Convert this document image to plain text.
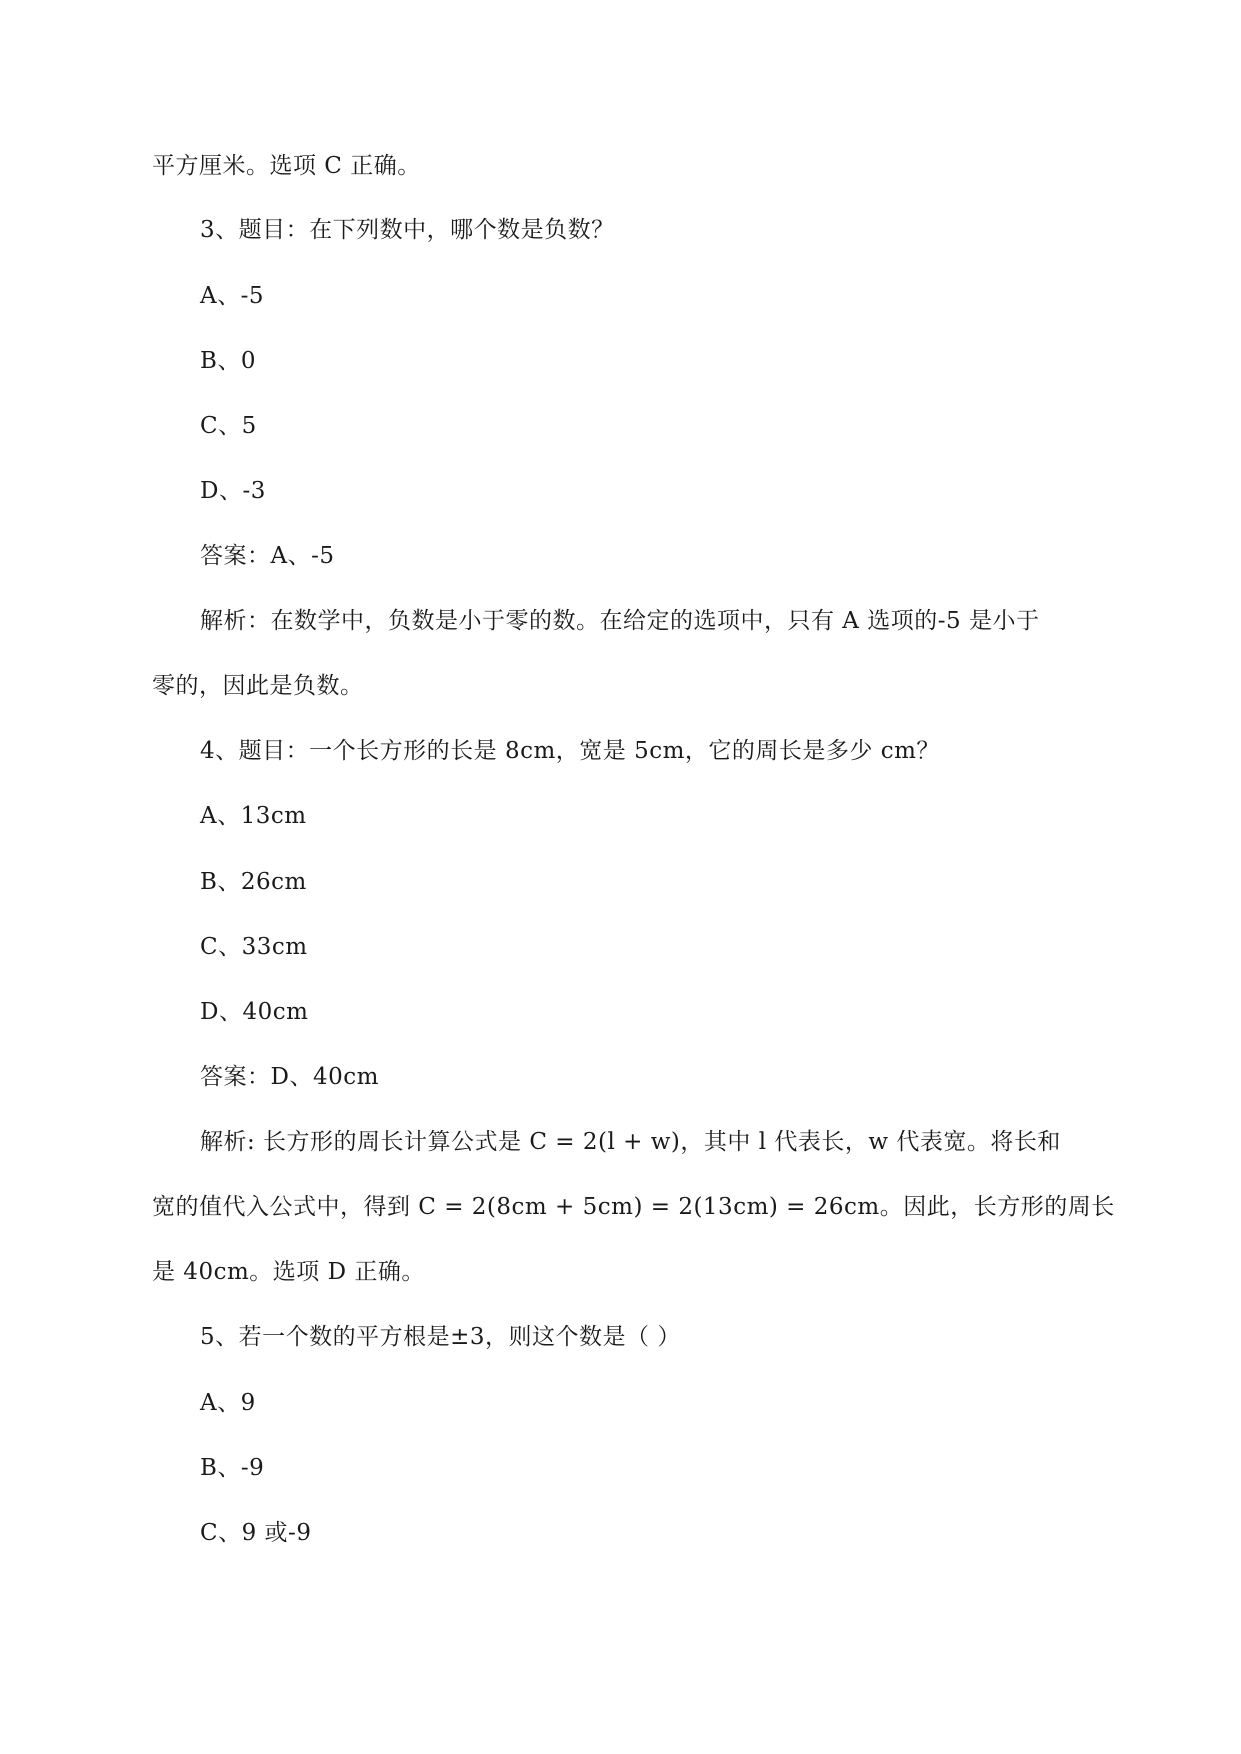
平方厘米。选项 C 正确。
3、题目：在下列数中，哪个数是负数？
A、-5
B、0
C、5
D、-3
答案：A、-5
解析：在数学中，负数是小于零的数。在给定的选项中，只有 A 选项的-5 是小于
零的，因此是负数。
4、题目：一个长方形的长是 8cm，宽是 5cm，它的周长是多少 cm？
A、13cm
B、26cm
C、33cm
D、40cm
答案：D、40cm
解析: 长方形的周长计算公式是 C = 2(l + w)，其中 l 代表长，w 代表宽。将长和
宽的值代入公式中，得到 C = 2(8cm + 5cm) = 2(13cm) = 26cm。因此，长方形的周长
是 40cm。选项 D 正确。
5、若一个数的平方根是±3，则这个数是（ ）
A、9
B、-9
C、9 或-9
